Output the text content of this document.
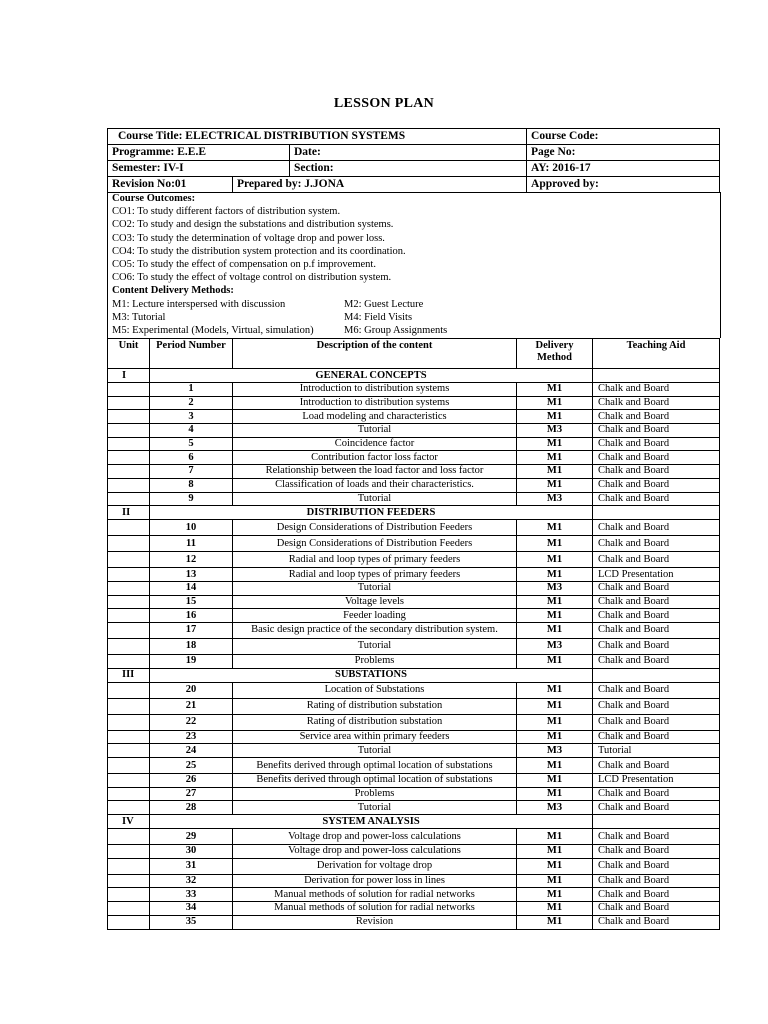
LESSON PLAN
Course Title: ELECTRICAL DISTRIBUTION SYSTEMS			Course Code:
Programme: E.E.E		Date:	Page No:
Semester: IV-I		Section:	AY: 2016-17
Revision No:01	Prepared by: J.JONA		Approved by:
Course Outcomes:
CO1: To study different factors of distribution system.
CO2: To study and design the substations and distribution systems.
CO3: To study the determination of voltage drop and power loss.
CO4: To study the distribution system protection and its coordination.
CO5: To study the effect of compensation on p.f improvement.
CO6: To study the effect of voltage control on distribution system.
Content Delivery Methods:
M1: Lecture interspersed with discussion	M2: Guest Lecture
M3: Tutorial	M4: Field Visits
M5: Experimental (Models, Virtual, simulation)	M6: Group Assignments
Unit	Period Number	Description of the content	Delivery Method	Teaching Aid
I	GENERAL CONCEPTS			
	1	Introduction to distribution systems	M1	Chalk and Board
	2	Introduction to distribution systems	M1	Chalk and Board
	3	Load modeling and characteristics	M1	Chalk and Board
	4	Tutorial	M3	Chalk and Board
	5	Coincidence factor	M1	Chalk and Board
	6	Contribution factor loss factor	M1	Chalk and Board
	7	Relationship between the load factor and loss factor	M1	Chalk and Board
	8	Classification of loads and their characteristics.	M1	Chalk and Board
	9	Tutorial	M3	Chalk and Board
II	DISTRIBUTION FEEDERS			
	10	Design Considerations of Distribution Feeders	M1	Chalk and Board
	11	Design Considerations of Distribution Feeders	M1	Chalk and Board
	12	Radial and loop types of primary feeders	M1	Chalk and Board
	13	Radial and loop types of primary feeders	M1	LCD Presentation
	14	Tutorial	M3	Chalk and Board
	15	Voltage levels	M1	Chalk and Board
	16	Feeder loading	M1	Chalk and Board
	17	Basic design practice of the secondary distribution system.	M1	Chalk and Board
	18	Tutorial	M3	Chalk and Board
	19	Problems	M1	Chalk and Board
III	SUBSTATIONS			
	20	Location of Substations	M1	Chalk and Board
	21	Rating of distribution substation	M1	Chalk and Board
	22	Rating of distribution substation	M1	Chalk and Board
	23	Service area within primary feeders	M1	Chalk and Board
	24	Tutorial	M3	Tutorial
	25	Benefits derived through optimal location of substations	M1	Chalk and Board
	26	Benefits derived through optimal location of substations	M1	LCD Presentation
	27	Problems	M1	Chalk and Board
	28	Tutorial	M3	Chalk and Board
IV	SYSTEM ANALYSIS			
	29	Voltage drop and power-loss calculations	M1	Chalk and Board
	30	Voltage drop and power-loss calculations	M1	Chalk and Board
	31	Derivation for voltage drop	M1	Chalk and Board
	32	Derivation for power loss in lines	M1	Chalk and Board
	33	Manual methods of solution for radial networks	M1	Chalk and Board
	34	Manual methods of solution for radial networks	M1	Chalk and Board
	35	Revision	M1	Chalk and Board
